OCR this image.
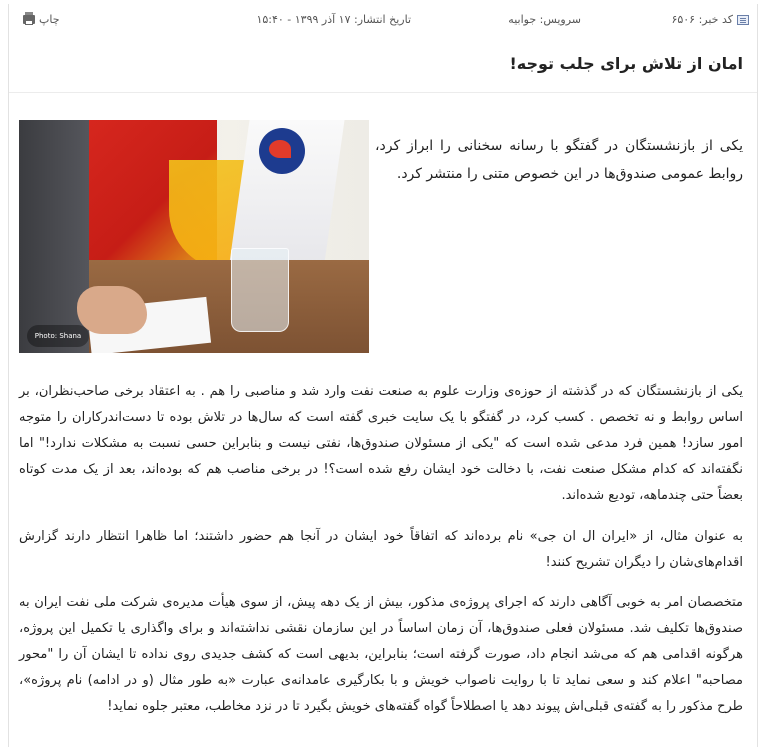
کد خبر: ۶۵۰۶
سرویس: جوابیه
تاریخ انتشار: ۱۷ آذر ۱۳۹۹ - ۱۵:۴۰
چاپ
امان از تلاش برای جلب توجه!
یکی از بازنشستگان در گفتگو با رسانه سخنانی را ابراز کرد، روابط عمومی صندوق‌ها در این خصوص متنی را منتشر کرد.
Photo: Shana
یکی از بازنشستگان که در گذشته از حوزه‌ی وزارت علوم به صنعت نفت وارد شد و مناصبی را هم . به اعتقاد برخی صاحب‌نظران، بر اساس روابط و نه تخصص . کسب کرد، در گفتگو با یک سایت خبری گفته است که سال‌ها در تلاش بوده تا دست‌اندرکاران را متوجه امور سازد! همین فرد مدعی شده است که "یکی از مسئولان صندوق‌ها، نفتی نیست و بنابراین حسی نسبت به مشکلات ندارد!" اما نگفته‌اند که کدام مشکل صنعت نفت، با دخالت خود ایشان رفع شده است؟! در برخی مناصب هم که بوده‌اند، بعد از یک مدت کوتاه بعضاً حتی چندماهه، تودیع شده‌اند.
به عنوان مثال، از «ایران ال ان جی» نام برده‌اند که اتفاقاً خود ایشان در آنجا هم حضور داشتند؛ اما ظاهرا انتظار دارند گزارش اقدام‌های‌شان را دیگران تشریح کنند!
متخصصان امر به خوبی آگاهی دارند که اجرای پروژه‌ی مذکور، بیش از یک دهه پیش، از سوی هیأت مدیره‌ی شرکت ملی نفت ایران به صندوق‌ها تکلیف شد. مسئولان فعلی صندوق‌ها، آن زمان اساساً در این سازمان نقشی نداشته‌اند و برای واگذاری یا تکمیل این پروژه، هرگونه اقدامی هم که می‌شد انجام داد، صورت گرفته است؛ بنابراین، بدیهی است که کشف جدیدی روی نداده تا ایشان آن را "محور مصاحبه" اعلام کند و سعی نماید تا با روایت ناصواب خویش و با بکارگیری عامدانه‌ی عبارت «به طور مثال (و در ادامه) نام پروژه»، طرح مذکور را به گفته‌ی قبلی‌اش پیوند دهد یا اصطلاحاً گواه گفته‌های خویش بگیرد تا در نزد مخاطب، معتبر جلوه نماید!
